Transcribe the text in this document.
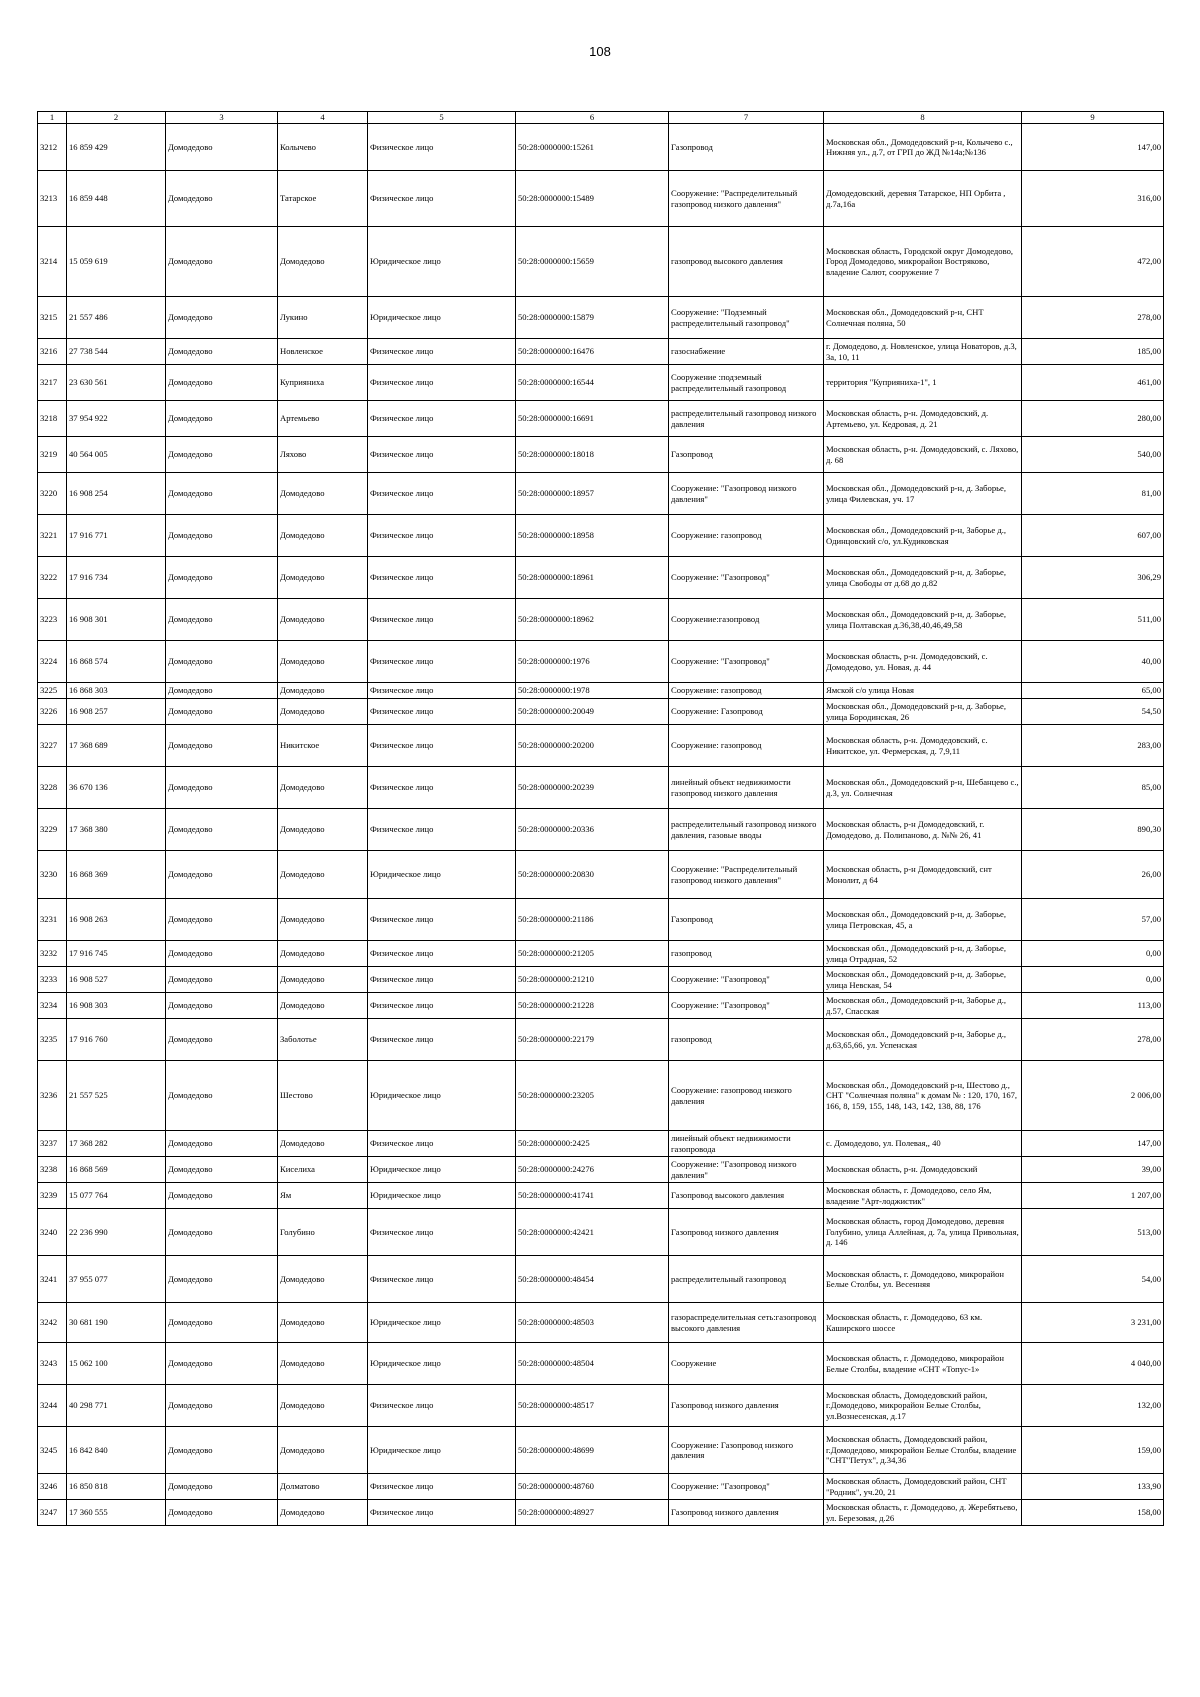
108
1	2	3	4	5	6	7	8	9
3212	16 859 429	Домодедово	Колычево	Физическое лицо	50:28:0000000:15261	Газопровод	Московская обл., Домодедовский р-н, Колычево с., Нижняя ул., д.7, от ГРП до ЖД №14а;№136	147,00
3213	16 859 448	Домодедово	Татарское	Физическое лицо	50:28:0000000:15489	Сооружение: "Распределительный газопровод низкого давления"	Домодедовский, деревня Татарское, НП Орбита , д.7а,16а	316,00
3214	15 059 619	Домодедово	Домодедово	Юридическое лицо	50:28:0000000:15659	газопровод высокого давления	Московская область, Городской округ Домодедово, Город Домодедово, микрорайон Востряково, владение Салют, сооружение 7	472,00
3215	21 557 486	Домодедово	Лукино	Юридическое лицо	50:28:0000000:15879	Сооружение: "Подземный распределительный газопровод"	Московская обл., Домодедовский р-н, СНТ Солнечная поляна, 50	278,00
3216	27 738 544	Домодедово	Новленское	Физическое лицо	50:28:0000000:16476	газоснабжение	г. Домодедово, д. Новленское, улица Новаторов, д.3, 3а, 10, 11	185,00
3217	23 630 561	Домодедово	Куприяниха	Физическое лицо	50:28:0000000:16544	Сооружение :подземный распределительный газопровод	территория "Куприяниха-1", 1	461,00
3218	37 954 922	Домодедово	Артемьево	Физическое лицо	50:28:0000000:16691	распределительный газопровод низкого давления	Московская область, р-н. Домодедовский, д. Артемьево, ул. Кедровая, д. 21	280,00
3219	40 564 005	Домодедово	Ляхово	Физическое лицо	50:28:0000000:18018	Газопровод	Московская область, р-н. Домодедовский, с. Ляхово, д. 68	540,00
3220	16 908 254	Домодедово	Домодедово	Физическое лицо	50:28:0000000:18957	Сооружение: "Газопровод низкого давления"	Московская обл., Домодедовский р-н, д. Заборье, улица Филевская, уч. 17	81,00
3221	17 916 771	Домодедово	Домодедово	Физическое лицо	50:28:0000000:18958	Сооружение: газопровод	Московская обл., Домодедовский р-н, Заборье д., Одинцовский с/о, ул.Кудиковская	607,00
3222	17 916 734	Домодедово	Домодедово	Физическое лицо	50:28:0000000:18961	Сооружение: "Газопровод"	Московская обл., Домодедовский р-н, д. Заборье, улица Свободы от д.68 до д.82	306,29
3223	16 908 301	Домодедово	Домодедово	Физическое лицо	50:28:0000000:18962	Сооружение:газопровод	Московская обл., Домодедовский р-н, д. Заборье, улица Полтавская д.36,38,40,46,49,58	511,00
3224	16 868 574	Домодедово	Домодедово	Физическое лицо	50:28:0000000:1976	Сооружение: "Газопровод"	Московская область, р-н. Домодедовский, с. Домодедово, ул. Новая, д. 44	40,00
3225	16 868 303	Домодедово	Домодедово	Физическое лицо	50:28:0000000:1978	Сооружение: газопровод	Ямской с/о улица Новая	65,00
3226	16 908 257	Домодедово	Домодедово	Физическое лицо	50:28:0000000:20049	Сооружение: Газопровод	Московская обл., Домодедовский р-н, д. Заборье, улица Бородинская, 26	54,50
3227	17 368 689	Домодедово	Никитское	Физическое лицо	50:28:0000000:20200	Сооружение: газопровод	Московская область, р-н. Домодедовский, с. Никитское, ул. Фермерская, д. 7,9,11	283,00
3228	36 670 136	Домодедово	Домодедово	Физическое лицо	50:28:0000000:20239	линейный объект недвижимости газопровод низкого давления	Московская обл., Домодедовский р-н, Шебанцево с., д.3, ул. Солнечная	85,00
3229	17 368 380	Домодедово	Домодедово	Физическое лицо	50:28:0000000:20336	распределительный газопровод низкого давления, газовые вводы	Московская область, р-н Домодедовский, г. Домодедово, д. Полипаново, д. №№ 26, 41	890,30
3230	16 868 369	Домодедово	Домодедово	Юридическое лицо	50:28:0000000:20830	Сооружение: "Распределительный газопровод низкого давления"	Московская область, р-н Домодедовский, снт Монолит, д 64	26,00
3231	16 908 263	Домодедово	Домодедово	Физическое лицо	50:28:0000000:21186	Газопровод	Московская обл., Домодедовский р-н, д. Заборье, улица Петровская, 45, а	57,00
3232	17 916 745	Домодедово	Домодедово	Физическое лицо	50:28:0000000:21205	газопровод	Московская обл., Домодедовский р-н, д. Заборье, улица Отрадная, 52	0,00
3233	16 908 527	Домодедово	Домодедово	Физическое лицо	50:28:0000000:21210	Сооружение: "Газопровод"	Московская обл., Домодедовский р-н, д. Заборье, улица Невская, 54	0,00
3234	16 908 303	Домодедово	Домодедово	Физическое лицо	50:28:0000000:21228	Сооружение: "Газопровод"	Московская обл., Домодедовский р-н, Заборье д., д.57, Спасская	113,00
3235	17 916 760	Домодедово	Заболотье	Физическое лицо	50:28:0000000:22179	газопровод	Московская обл., Домодедовский р-н, Заборье д., д.63,65,66, ул. Успенская	278,00
3236	21 557 525	Домодедово	Шестово	Юридическое лицо	50:28:0000000:23205	Сооружение: газопровод низкого давления	Московская обл., Домодедовский р-н, Шестово д., СНТ "Солнечная поляна" к домам № : 120, 170, 167, 166, 8, 159, 155, 148, 143, 142, 138, 88, 176	2 006,00
3237	17 368 282	Домодедово	Домодедово	Физическое лицо	50:28:0000000:2425	линейный объект недвижимости газопровода	с. Домодедово, ул. Полевая,, 40	147,00
3238	16 868 569	Домодедово	Киселиха	Юридическое лицо	50:28:0000000:24276	Сооружение: "Газопровод низкого давления"	Московская область, р-н. Домодедовский	39,00
3239	15 077 764	Домодедово	Ям	Юридическое лицо	50:28:0000000:41741	Газопровод высокого давления	Московская область, г. Домодедово, село Ям, владение "Арт-лоджистик"	1 207,00
3240	22 236 990	Домодедово	Голубино	Физическое лицо	50:28:0000000:42421	Газопровод низкого давления	Московская область, город Домодедово, деревня Голубино, улица Аллейная, д. 7а, улица Привольная, д. 146	513,00
3241	37 955 077	Домодедово	Домодедово	Физическое лицо	50:28:0000000:48454	распределительный газопровод	Московская область, г. Домодедово, микрорайон Белые Столбы, ул. Весенняя	54,00
3242	30 681 190	Домодедово	Домодедово	Юридическое лицо	50:28:0000000:48503	газораспределительная сеть:газопровод высокого давления	Московская область, г. Домодедово, 63 км. Каширского шоссе	3 231,00
3243	15 062 100	Домодедово	Домодедово	Юридическое лицо	50:28:0000000:48504	Сооружение	Московская область, г. Домодедово, микрорайон Белые Столбы, владение «СНТ «Топус-1»	4 040,00
3244	40 298 771	Домодедово	Домодедово	Физическое лицо	50:28:0000000:48517	Газопровод низкого давления	Московская область, Домодедовский район, г.Домодедово, микрорайон Белые Столбы, ул.Вознесенская, д.17	132,00
3245	16 842 840	Домодедово	Домодедово	Юридическое лицо	50:28:0000000:48699	Сооружение: Газопровод низкого давления	Московская область, Домодедовский район, г.Домодедово, микрорайон Белые Столбы, владение "СНТ"Петух", д.34,36	159,00
3246	16 850 818	Домодедово	Долматово	Физическое лицо	50:28:0000000:48760	Сооружение: "Газопровод"	Московская область, Домодедовский район, СНТ "Родник", уч.20, 21	133,90
3247	17 360 555	Домодедово	Домодедово	Физическое лицо	50:28:0000000:48927	Газопровод низкого давления	Московская область, г. Домодедово, д. Жеребятьево, ул. Березовая, д.26	158,00
